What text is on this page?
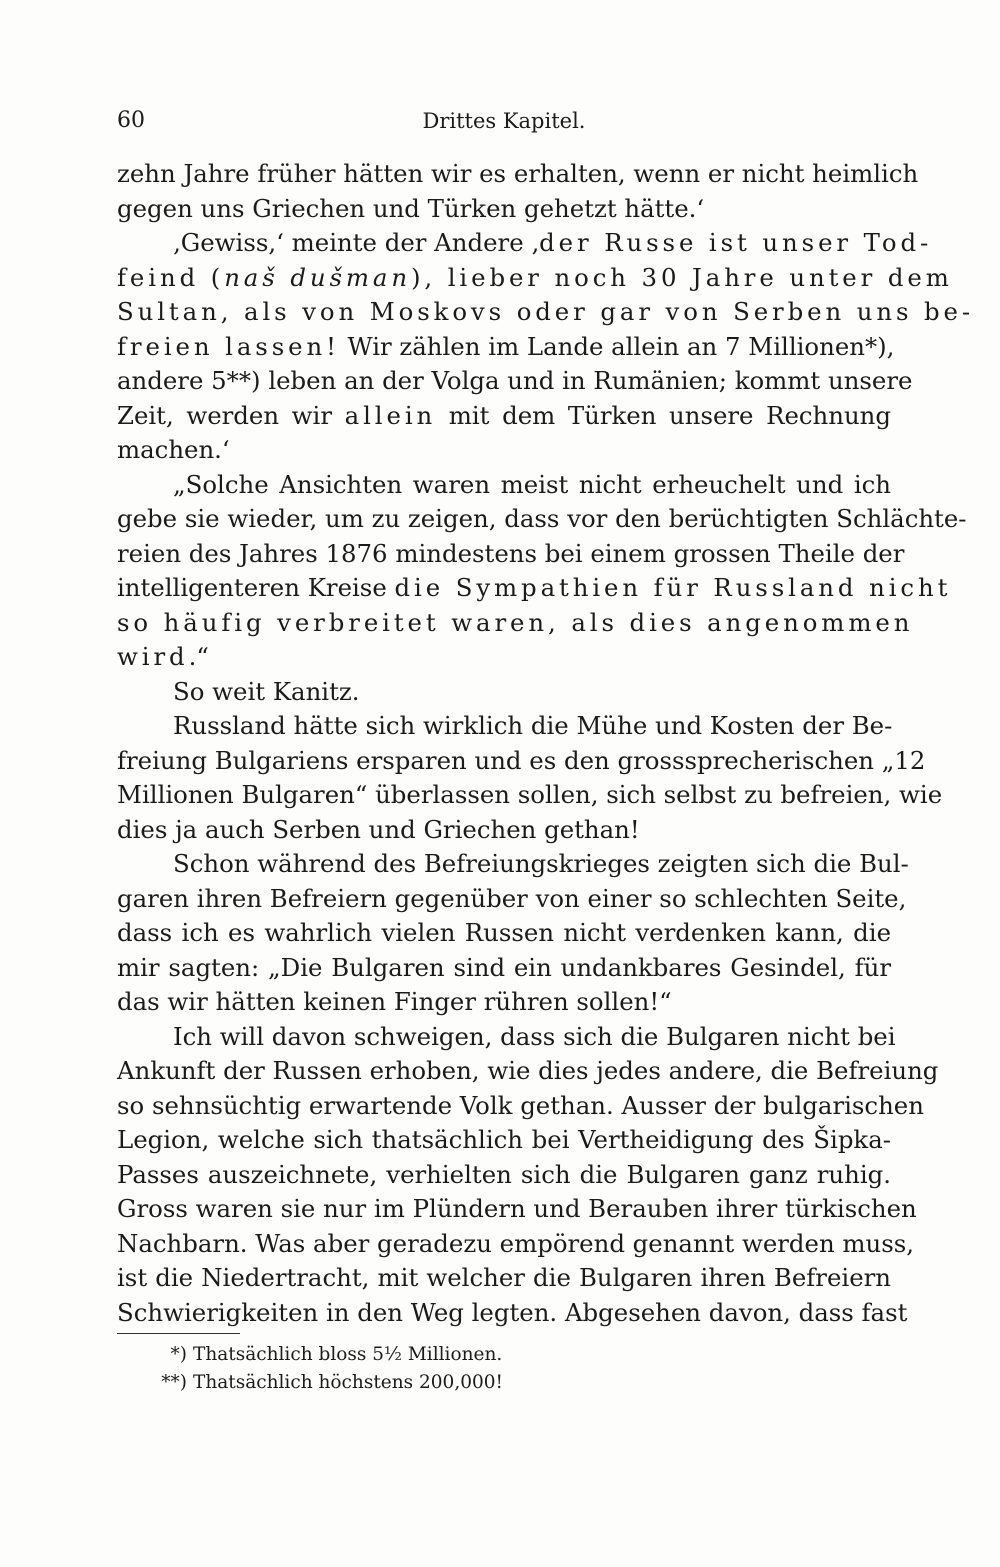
60	Drittes Kapitel.

zehn Jahre früher hätten wir es erhalten, wenn er nicht heimlich
gegen uns Griechen und Türken gehetzt hätte.‘

‚Gewiss,‘ meinte der Andere ‚der Russe ist unser Tod-
feind (naš dušman), lieber noch 30 Jahre unter dem
Sultan, als von Moskovs oder gar von Serben uns be-
freien lassen! Wir zählen im Lande allein an 7 Millionen*),
andere 5**) leben an der Volga und in Rumänien; kommt unsere
Zeit, werden wir allein mit dem Türken unsere Rechnung
machen.‘

„Solche Ansichten waren meist nicht erheuchelt und ich
gebe sie wieder, um zu zeigen, dass vor den berüchtigten Schlächte-
reien des Jahres 1876 mindestens bei einem grossen Theile der
intelligenteren Kreise die Sympathien für Russland nicht
so häufig verbreitet waren, als dies angenommen
wird.“

So weit Kanitz.

Russland hätte sich wirklich die Mühe und Kosten der Be-
freiung Bulgariens ersparen und es den grosssprecherischen „12
Millionen Bulgaren“ überlassen sollen, sich selbst zu befreien, wie
dies ja auch Serben und Griechen gethan!

Schon während des Befreiungskrieges zeigten sich die Bul-
garen ihren Befreiern gegenüber von einer so schlechten Seite,
dass ich es wahrlich vielen Russen nicht verdenken kann, die
mir sagten: „Die Bulgaren sind ein undankbares Gesindel, für
das wir hätten keinen Finger rühren sollen!“

Ich will davon schweigen, dass sich die Bulgaren nicht bei
Ankunft der Russen erhoben, wie dies jedes andere, die Befreiung
so sehnsüchtig erwartende Volk gethan. Ausser der bulgarischen
Legion, welche sich thatsächlich bei Vertheidigung des Šipka-
Passes auszeichnete, verhielten sich die Bulgaren ganz ruhig.
Gross waren sie nur im Plündern und Berauben ihrer türkischen
Nachbarn. Was aber geradezu empörend genannt werden muss,
ist die Niedertracht, mit welcher die Bulgaren ihren Befreiern
Schwierigkeiten in den Weg legten. Abgesehen davon, dass fast

*) Thatsächlich bloss 5½ Millionen.
**) Thatsächlich höchstens 200,000!
